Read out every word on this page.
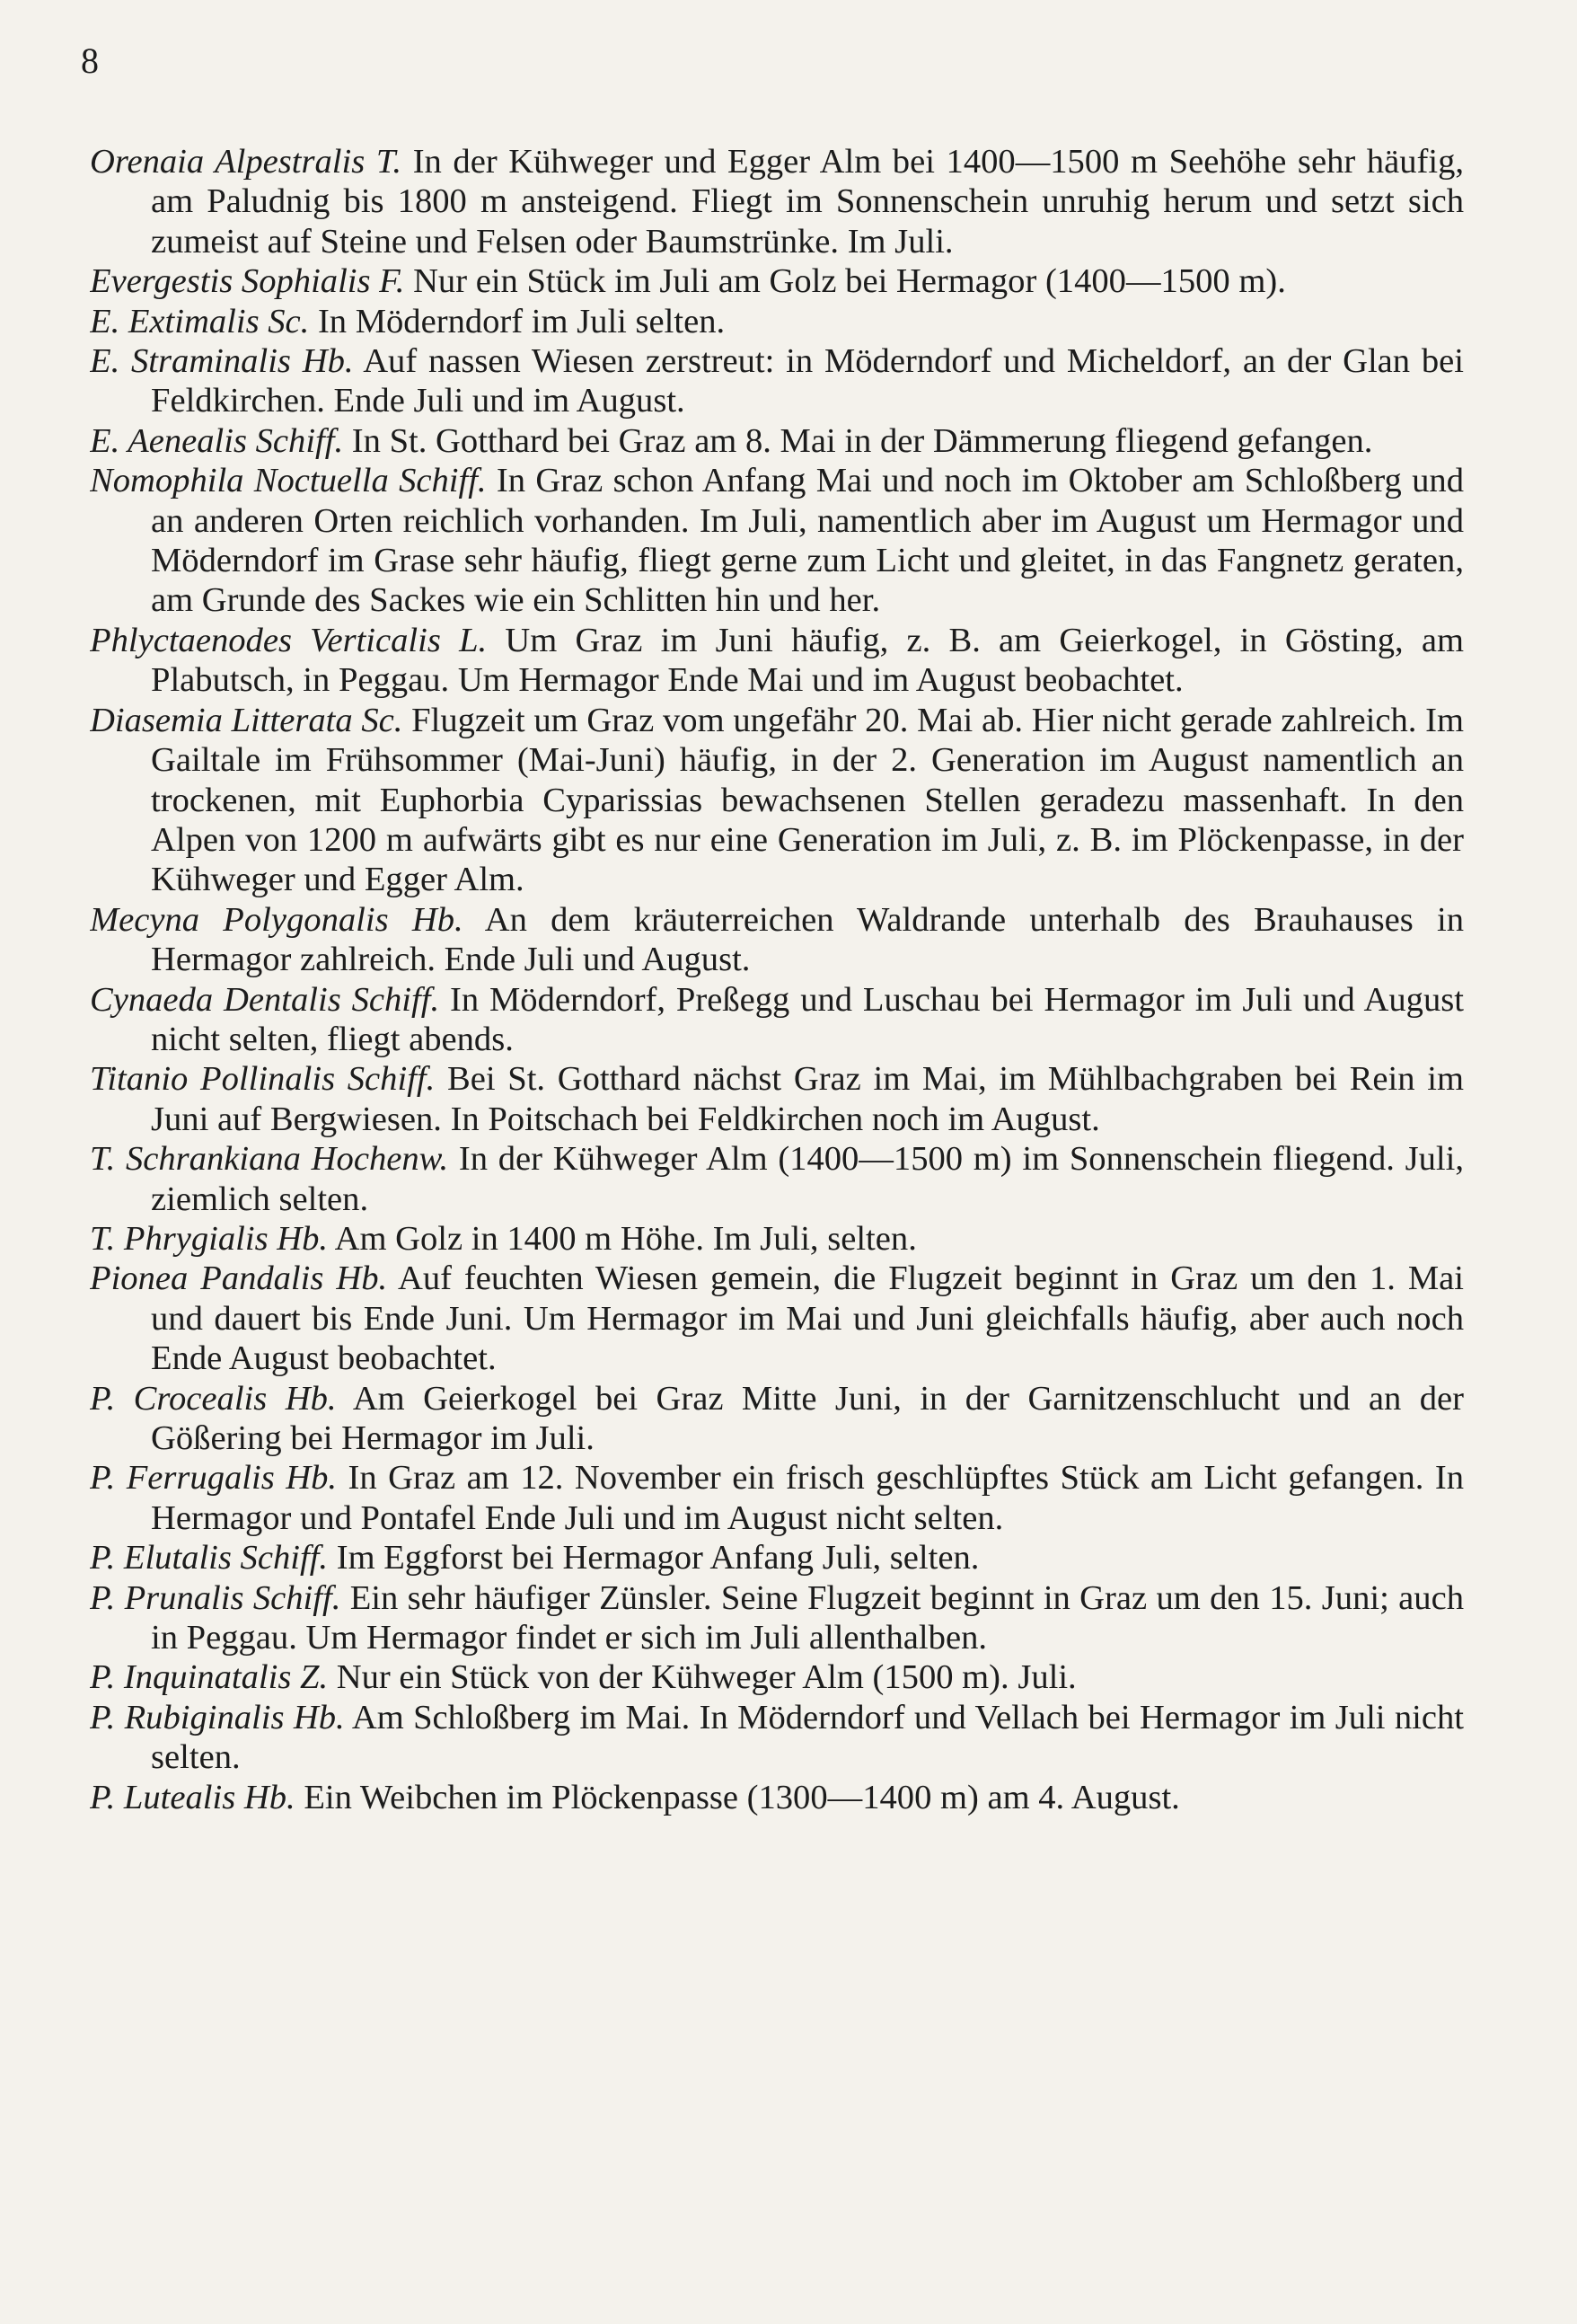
8

Orenaia Alpestralis T. In der Kühweger und Egger Alm bei 1400—1500 m Seehöhe sehr häufig, am Paludnig bis 1800 m ansteigend. Fliegt im Sonnenschein unruhig herum und setzt sich zumeist auf Steine und Felsen oder Baumstrünke. Im Juli.

Evergestis Sophialis F. Nur ein Stück im Juli am Golz bei Hermagor (1400—1500 m).

E. Extimalis Sc. In Möderndorf im Juli selten.

E. Straminalis Hb. Auf nassen Wiesen zerstreut: in Möderndorf und Micheldorf, an der Glan bei Feldkirchen. Ende Juli und im August.

E. Aenealis Schiff. In St. Gotthard bei Graz am 8. Mai in der Dämmerung fliegend gefangen.

Nomophila Noctuella Schiff. In Graz schon Anfang Mai und noch im Oktober am Schloßberg und an anderen Orten reichlich vorhanden. Im Juli, namentlich aber im August um Hermagor und Möderndorf im Grase sehr häufig, fliegt gerne zum Licht und gleitet, in das Fangnetz geraten, am Grunde des Sackes wie ein Schlitten hin und her.

Phlyctaenodes Verticalis L. Um Graz im Juni häufig, z. B. am Geierkogel, in Gösting, am Plabutsch, in Peggau. Um Hermagor Ende Mai und im August beobachtet.

Diasemia Litterata Sc. Flugzeit um Graz vom ungefähr 20. Mai ab. Hier nicht gerade zahlreich. Im Gailtale im Frühsommer (Mai-Juni) häufig, in der 2. Generation im August namentlich an trockenen, mit Euphorbia Cyparissias bewachsenen Stellen geradezu massenhaft. In den Alpen von 1200 m aufwärts gibt es nur eine Generation im Juli, z. B. im Plöckenpasse, in der Kühweger und Egger Alm.

Mecyna Polygonalis Hb. An dem kräuterreichen Waldrande unterhalb des Brauhauses in Hermagor zahlreich. Ende Juli und August.

Cynaeda Dentalis Schiff. In Möderndorf, Preßegg und Luschau bei Hermagor im Juli und August nicht selten, fliegt abends.

Titanio Pollinalis Schiff. Bei St. Gotthard nächst Graz im Mai, im Mühlbachgraben bei Rein im Juni auf Bergwiesen. In Poitschach bei Feldkirchen noch im August.

T. Schrankiana Hochenw. In der Kühweger Alm (1400—1500 m) im Sonnenschein fliegend. Juli, ziemlich selten.

T. Phrygialis Hb. Am Golz in 1400 m Höhe. Im Juli, selten.

Pionea Pandalis Hb. Auf feuchten Wiesen gemein, die Flugzeit beginnt in Graz um den 1. Mai und dauert bis Ende Juni. Um Hermagor im Mai und Juni gleichfalls häufig, aber auch noch Ende August beobachtet.

P. Crocealis Hb. Am Geierkogel bei Graz Mitte Juni, in der Garnitzenschlucht und an der Gößering bei Hermagor im Juli.

P. Ferrugalis Hb. In Graz am 12. November ein frisch geschlüpftes Stück am Licht gefangen. In Hermagor und Pontafel Ende Juli und im August nicht selten.

P. Elutalis Schiff. Im Eggforst bei Hermagor Anfang Juli, selten.

P. Prunalis Schiff. Ein sehr häufiger Zünsler. Seine Flugzeit beginnt in Graz um den 15. Juni; auch in Peggau. Um Hermagor findet er sich im Juli allenthalben.

P. Inquinatalis Z. Nur ein Stück von der Kühweger Alm (1500 m). Juli.

P. Rubiginalis Hb. Am Schloßberg im Mai. In Möderndorf und Vellach bei Hermagor im Juli nicht selten.

P. Lutealis Hb. Ein Weibchen im Plöckenpasse (1300—1400 m) am 4. August.
